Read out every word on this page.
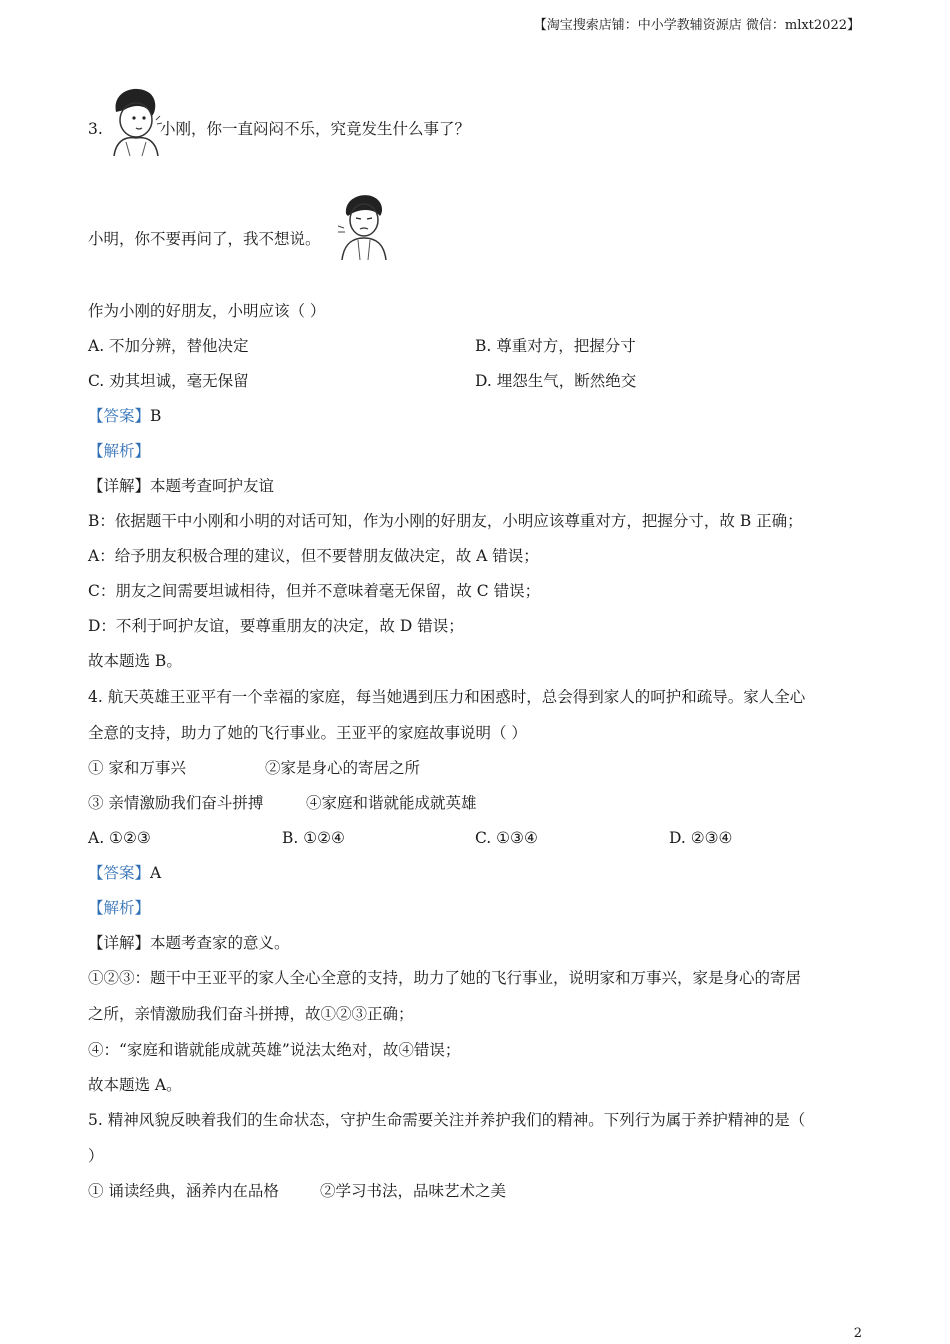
【淘宝搜索店铺：中小学教辅资源店 微信：mlxt2022】
3.	小刚，你一直闷闷不乐，究竟发生什么事了？
小明，你不要再问了，我不想说。
作为小刚的好朋友，小明应该（ ）
A. 不加分辨，替他决定	B. 尊重对方，把握分寸
C. 劝其坦诚，毫无保留	D. 埋怨生气，断然绝交
【答案】B
【解析】
【详解】本题考查呵护友谊
B：依据题干中小刚和小明的对话可知，作为小刚的好朋友，小明应该尊重对方，把握分寸，故 B 正确；
A：给予朋友积极合理的建议，但不要替朋友做决定，故 A 错误；
C：朋友之间需要坦诚相待，但并不意味着毫无保留，故 C 错误；
D：不利于呵护友谊，要尊重朋友的决定，故 D 错误；
故本题选 B。
4. 航天英雄王亚平有一个幸福的家庭，每当她遇到压力和困惑时，总会得到家人的呵护和疏导。家人全心
全意的支持，助力了她的飞行事业。王亚平的家庭故事说明（ ）
① 家和万事兴	②家是身心的寄居之所
③ 亲情激励我们奋斗拼搏	④家庭和谐就能成就英雄
A. ①②③	B. ①②④	C. ①③④	D. ②③④
【答案】A
【解析】
【详解】本题考查家的意义。
①②③：题干中王亚平的家人全心全意的支持，助力了她的飞行事业，说明家和万事兴，家是身心的寄居
之所，亲情激励我们奋斗拼搏，故①②③正确；
④：“家庭和谐就能成就英雄”说法太绝对，故④错误；
故本题选 A。
5. 精神风貌反映着我们的生命状态，守护生命需要关注并养护我们的精神。下列行为属于养护精神的是（
）
① 诵读经典，涵养内在品格	②学习书法，品味艺术之美
2
